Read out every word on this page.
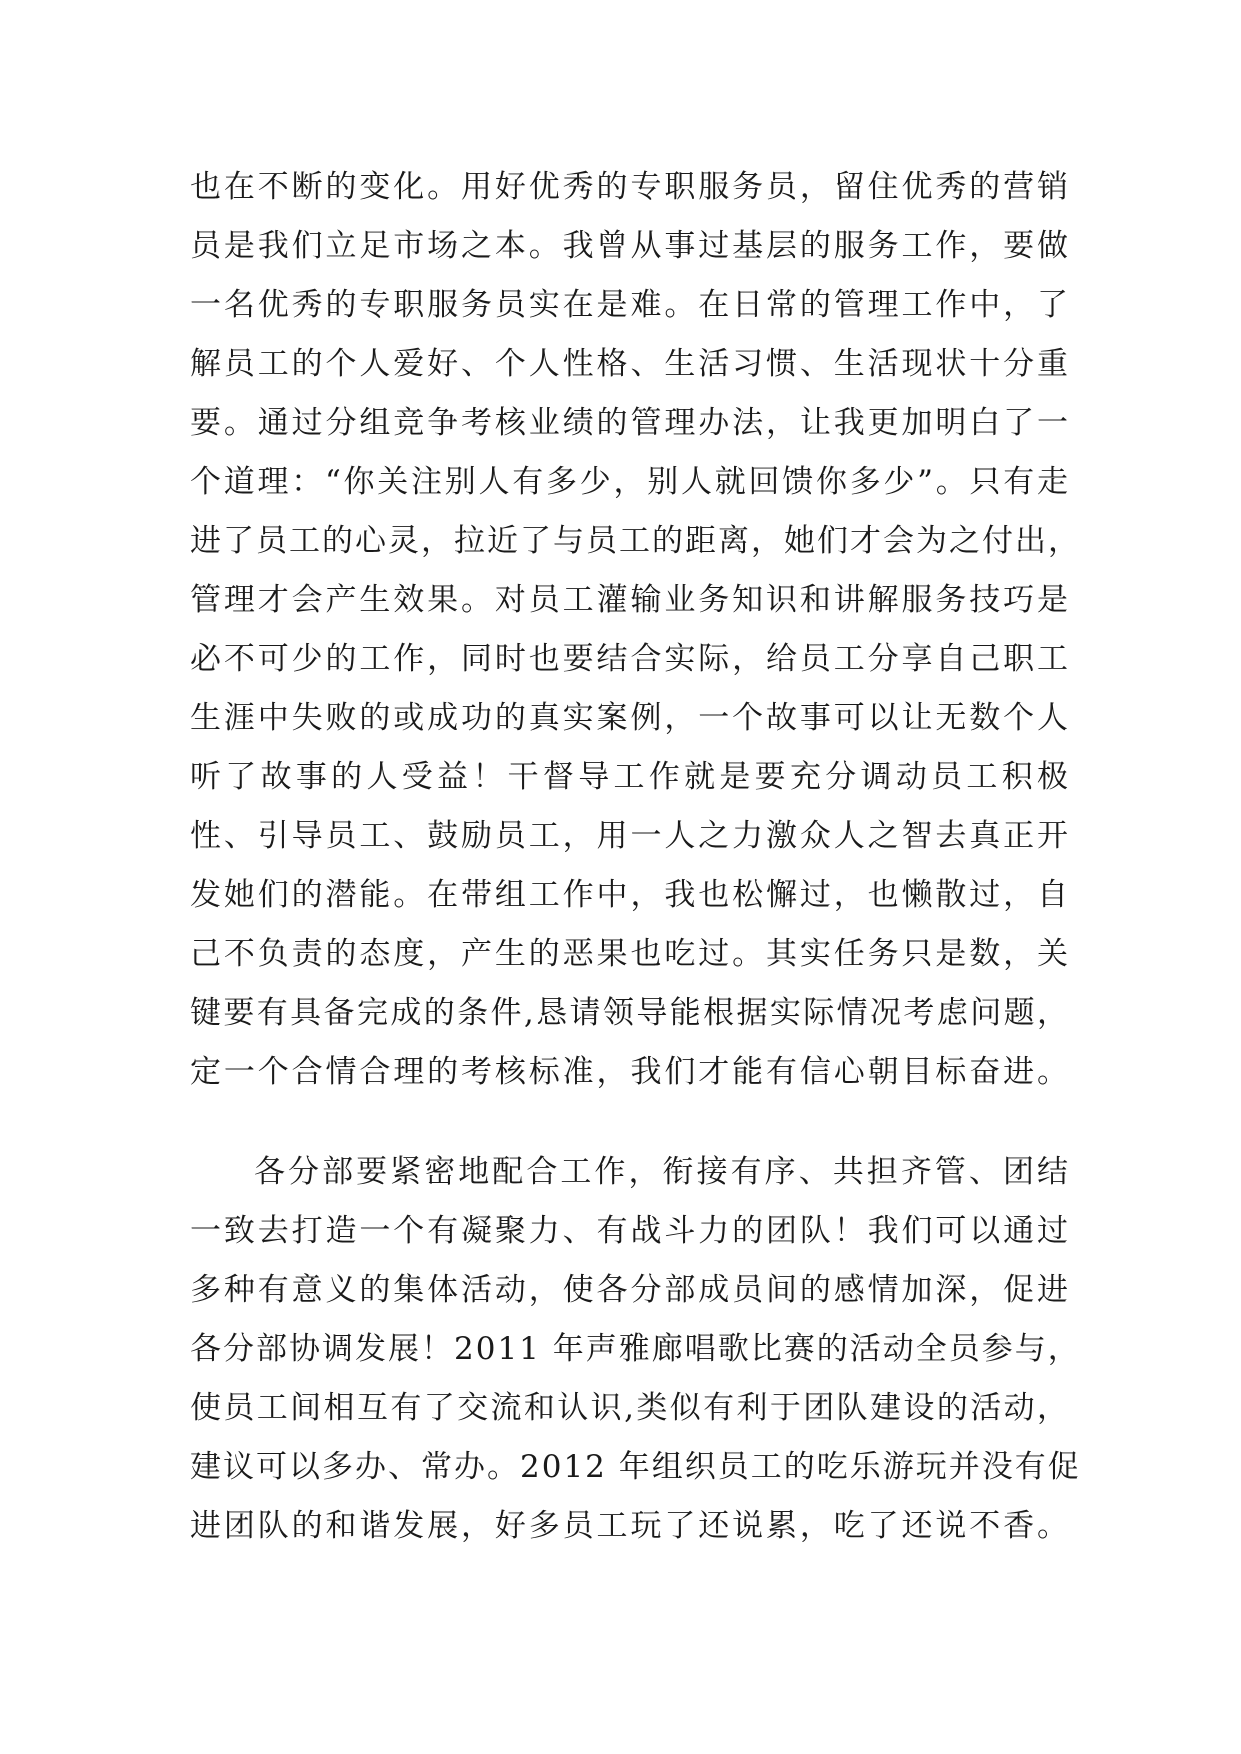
也在不断的变化。用好优秀的专职服务员，留住优秀的营销
员是我们立足市场之本。我曾从事过基层的服务工作，要做
一名优秀的专职服务员实在是难。在日常的管理工作中，了
解员工的个人爱好、个人性格、生活习惯、生活现状十分重
要。通过分组竞争考核业绩的管理办法，让我更加明白了一
个道理：“你关注别人有多少，别人就回馈你多少”。只有走
进了员工的心灵，拉近了与员工的距离，她们才会为之付出，
管理才会产生效果。对员工灌输业务知识和讲解服务技巧是
必不可少的工作，同时也要结合实际，给员工分享自己职工
生涯中失败的或成功的真实案例，一个故事可以让无数个人
听了故事的人受益！干督导工作就是要充分调动员工积极
性、引导员工、鼓励员工，用一人之力激众人之智去真正开
发她们的潜能。在带组工作中，我也松懈过，也懒散过，自
己不负责的态度，产生的恶果也吃过。其实任务只是数，关
键要有具备完成的条件,恳请领导能根据实际情况考虑问题，
定一个合情合理的考核标准，我们才能有信心朝目标奋进。
各分部要紧密地配合工作，衔接有序、共担齐管、团结
一致去打造一个有凝聚力、有战斗力的团队！我们可以通过
多种有意义的集体活动，使各分部成员间的感情加深，促进
各分部协调发展！2011 年声雅廊唱歌比赛的活动全员参与，
使员工间相互有了交流和认识,类似有利于团队建设的活动，
建议可以多办、常办。2012 年组织员工的吃乐游玩并没有促
进团队的和谐发展，好多员工玩了还说累，吃了还说不香。
